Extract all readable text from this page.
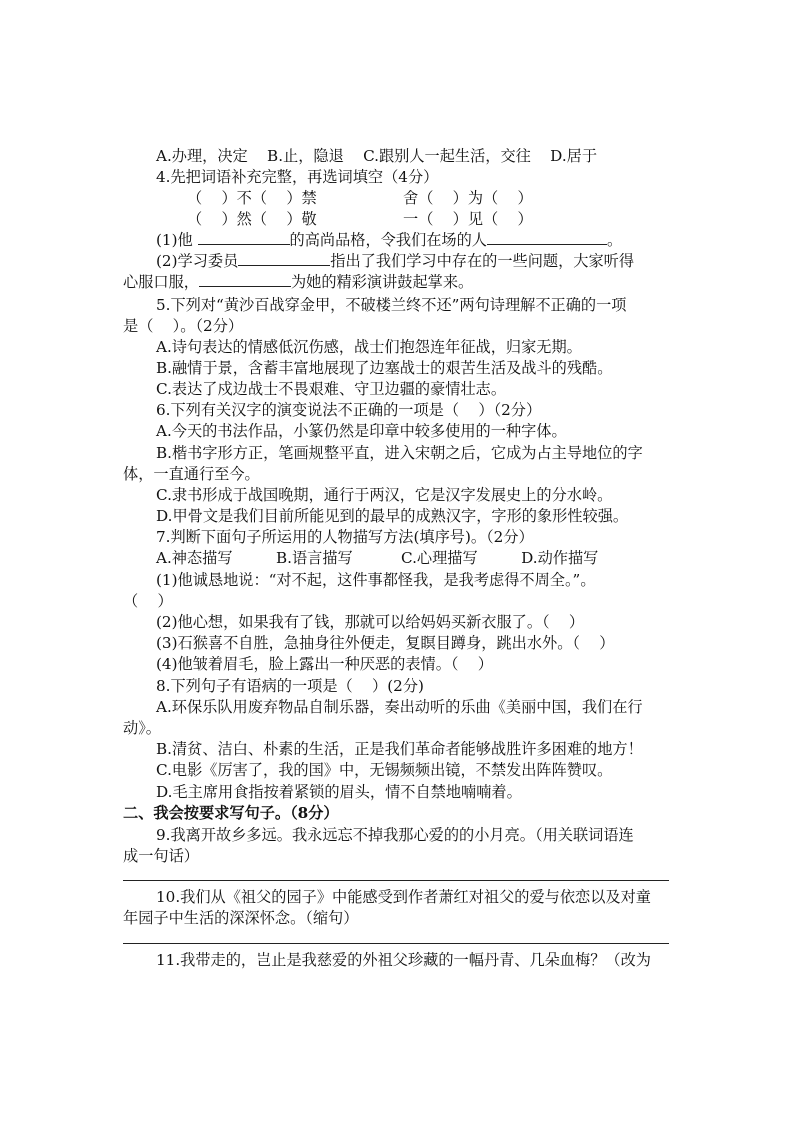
A.办理，决定    B.止，隐退    C.跟别人一起生活，交往    D.居于
4.先把词语补充完整，再选词填空（4分）
（    ）不（    ）禁	舍（    ）为（    ）
（    ）然（    ）敬	一（    ）见（    ）
(1)他	的高尚品格，令我们在场的人	。
(2)学习委员	指出了我们学习中存在的一些问题，大家听得
心服口服，	为她的精彩演讲鼓起掌来。
5.下列对“黄沙百战穿金甲，不破楼兰终不还”两句诗理解不正确的一项
是（    ）。（2分）
A.诗句表达的情感低沉伤感，战士们抱怨连年征战，归家无期。
B.融情于景，含蓄丰富地展现了边塞战士的艰苦生活及战斗的残酷。
C.表达了戍边战士不畏艰难、守卫边疆的豪情壮志。
6.下列有关汉字的演变说法不正确的一项是（    ）（2分）
A.今天的书法作品，小篆仍然是印章中较多使用的一种字体。
B.楷书字形方正，笔画规整平直，进入宋朝之后，它成为占主导地位的字
体，一直通行至今。
C.隶书形成于战国晚期，通行于两汉，它是汉字发展史上的分水岭。
D.甲骨文是我们目前所能见到的最早的成熟汉字，字形的象形性较强。
7.判断下面句子所运用的人物描写方法(填序号)。（2分）
A.神态描写         B.语言描写          C.心理描写         D.动作描写
(1)他诚恳地说：“对不起，这件事都怪我，是我考虑得不周全。”。
（    ）
(2)他心想，如果我有了钱，那就可以给妈妈买新衣服了。（    ）
(3)石猴喜不自胜，急抽身往外便走，复瞑目蹲身，跳出水外。（    ）
(4)他皱着眉毛，脸上露出一种厌恶的表情。（    ）
8.下列句子有语病的一项是（    ）(2分)
A.环保乐队用废弃物品自制乐器，奏出动听的乐曲《美丽中国，我们在行
动》。
B.清贫、洁白、朴素的生活，正是我们革命者能够战胜许多困难的地方！
C.电影《厉害了，我的国》中，无锡频频出镜，不禁发出阵阵赞叹。
D.毛主席用食指按着紧锁的眉头，情不自禁地喃喃着。
二、我会按要求写句子。（8分）
9.我离开故乡多远。我永远忘不掉我那心爱的的小月亮。（用关联词语连
成一句话）
10.我们从《祖父的园子》中能感受到作者萧红对祖父的爱与依恋以及对童
年园子中生活的深深怀念。（缩句）
11.我带走的，岂止是我慈爱的外祖父珍藏的一幅丹青、几朵血梅？（改为
